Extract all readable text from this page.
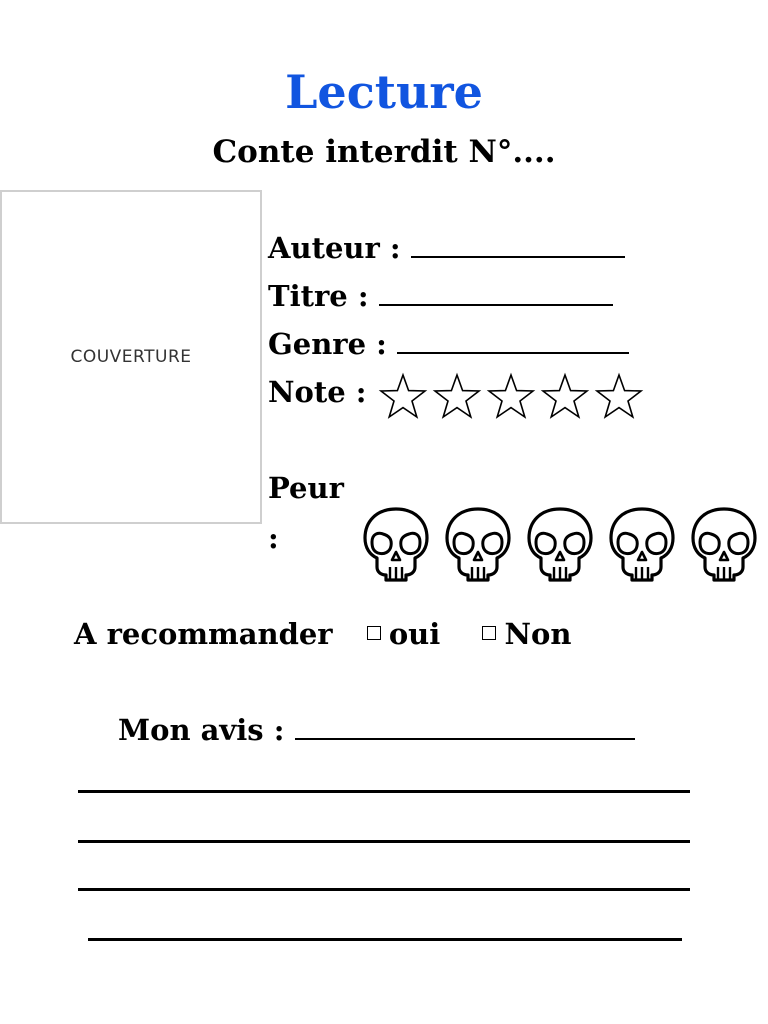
Lecture
Conte interdit N°....
COUVERTURE
Auteur :
Titre :
Genre :
Note :
Peur
:
A recommander oui Non
Mon avis :
